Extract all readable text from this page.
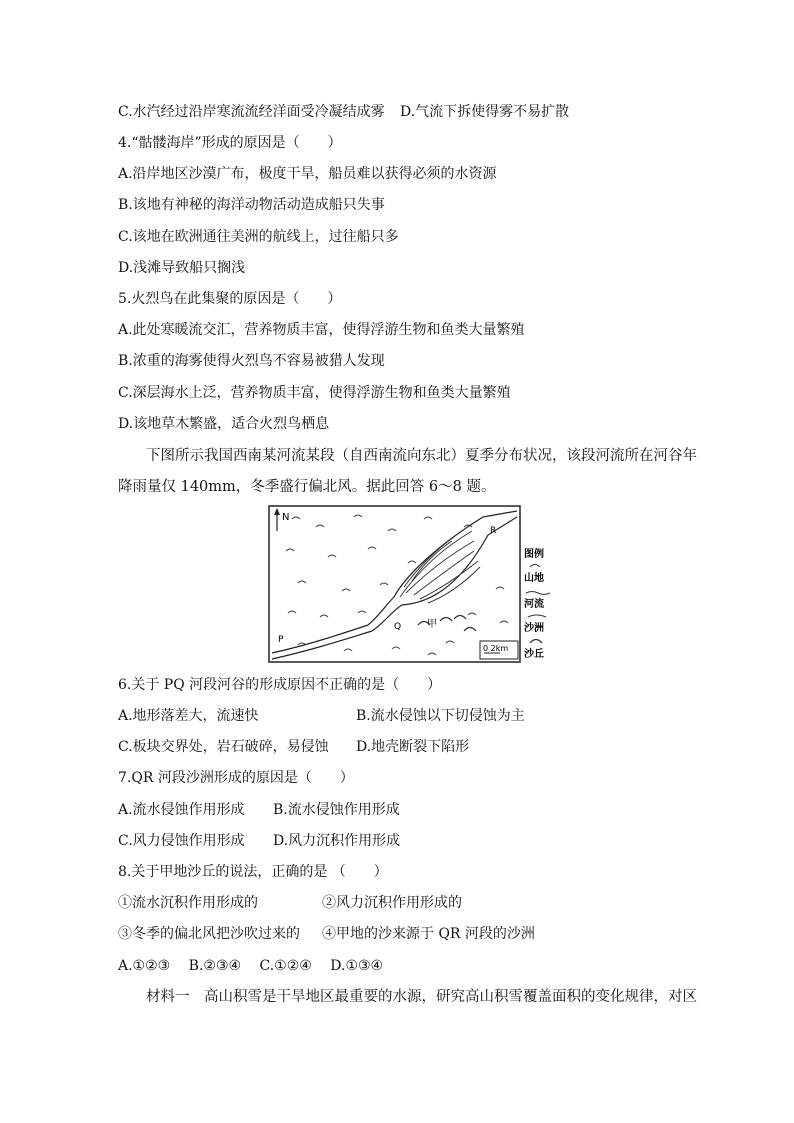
C.水汽经过沿岸寒流流经洋面受冷凝结成雾 D.气流下拆使得雾不易扩散
4.“骷髅海岸”形成的原因是（　　）
A.沿岸地区沙漠广布，极度干旱，船员难以获得必须的水资源
B.该地有神秘的海洋动物活动造成船只失事
C.该地在欧洲通往美洲的航线上，过往船只多
D.浅滩导致船只搁浅
5.火烈鸟在此集聚的原因是（　　）
A.此处寒暖流交汇，营养物质丰富，使得浮游生物和鱼类大量繁殖
B.浓重的海雾使得火烈鸟不容易被猎人发现
C.深层海水上泛，营养物质丰富，使得浮游生物和鱼类大量繁殖
D.该地草木繁盛，适合火烈鸟栖息
下图所示我国西南某河流某段（自西南流向东北）夏季分布状况，该段河流所在河谷年
降雨量仅 140mm，冬季盛行偏北风。据此回答 6～8 题。
N
P
Q
R
甲
0 2km
图例
山地
河流
沙洲
沙丘
6.关于 PQ 河段河谷的形成原因不正确的是（　　）
A.地形落差大，流速快	B.流水侵蚀以下切侵蚀为主
C.板块交界处，岩石破碎，易侵蚀 D.地壳断裂下陷形
7.QR 河段沙洲形成的原因是（　　）
A.流水侵蚀作用形成 B.流水侵蚀作用形成
C.风力侵蚀作用形成 D.风力沉积作用形成
8.关于甲地沙丘的说法，正确的是 （　　）
①流水沉积作用形成的	②风力沉积作用形成的
③冬季的偏北风把沙吹过来的 ④甲地的沙来源于 QR 河段的沙洲
A.①②③　 B.②③④　 C.①②④　 D.①③④
材料一　高山积雪是干旱地区最重要的水源，研究高山积雪覆盖面积的变化规律，对区
